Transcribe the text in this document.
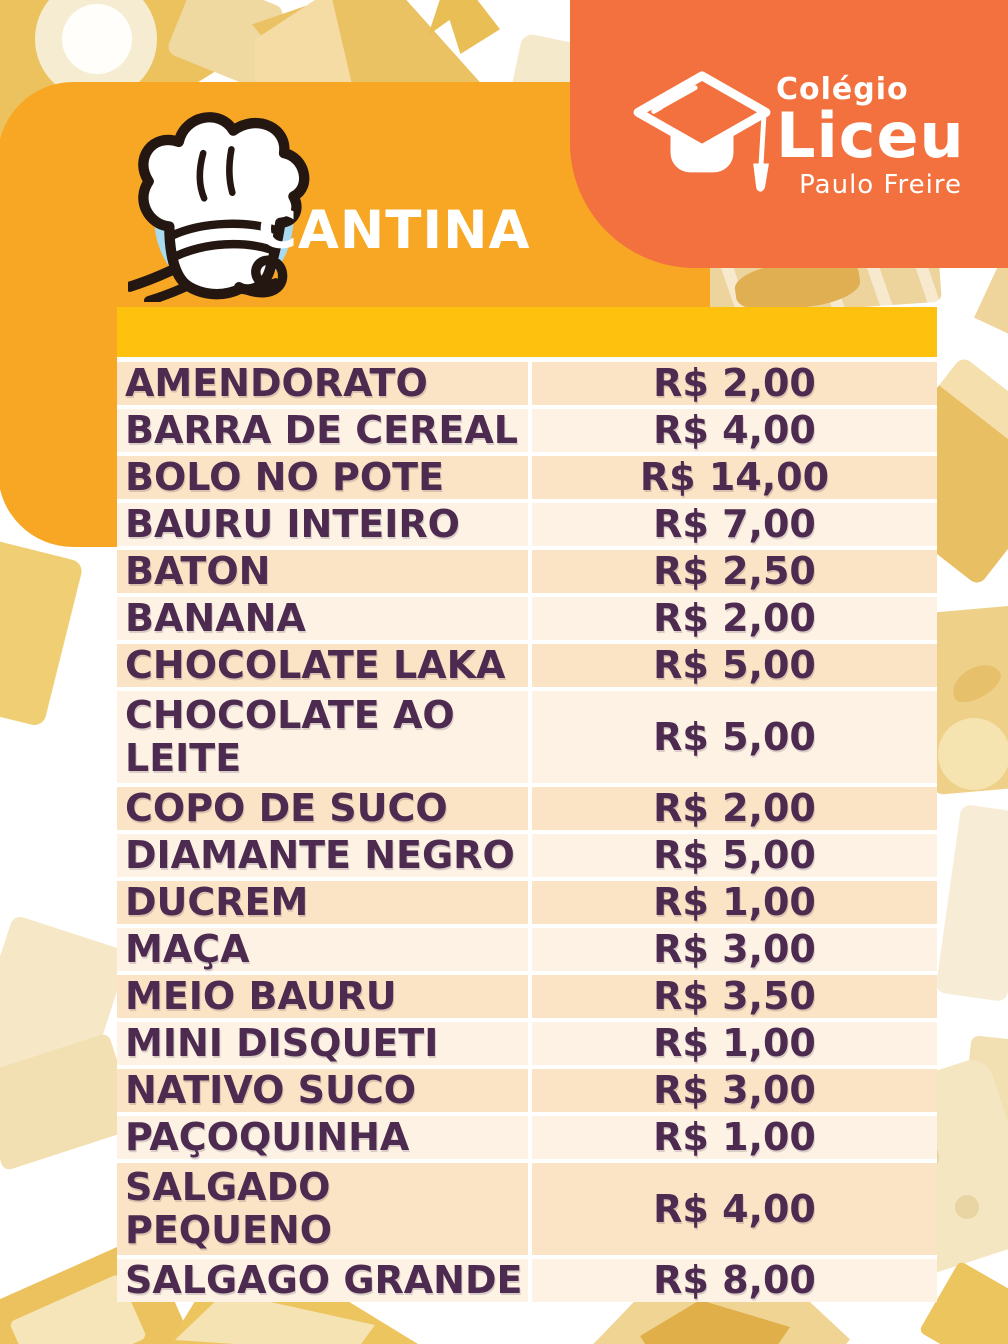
CANTINA
Colégio
Liceu
Paulo Freire
AMENDORATO	R$ 2,00
BARRA DE CEREAL	R$ 4,00
BOLO NO POTE	R$ 14,00
BAURU INTEIRO	R$ 7,00
BATON	R$ 2,50
BANANA	R$ 2,00
CHOCOLATE LAKA	R$ 5,00
CHOCOLATE AO LEITE	R$ 5,00
COPO DE SUCO	R$ 2,00
DIAMANTE NEGRO	R$ 5,00
DUCREM	R$ 1,00
MAÇA	R$ 3,00
MEIO BAURU	R$ 3,50
MINI DISQUETI	R$ 1,00
NATIVO SUCO	R$ 3,00
PAÇOQUINHA	R$ 1,00
SALGADO PEQUENO	R$ 4,00
SALGAGO GRANDE	R$ 8,00
